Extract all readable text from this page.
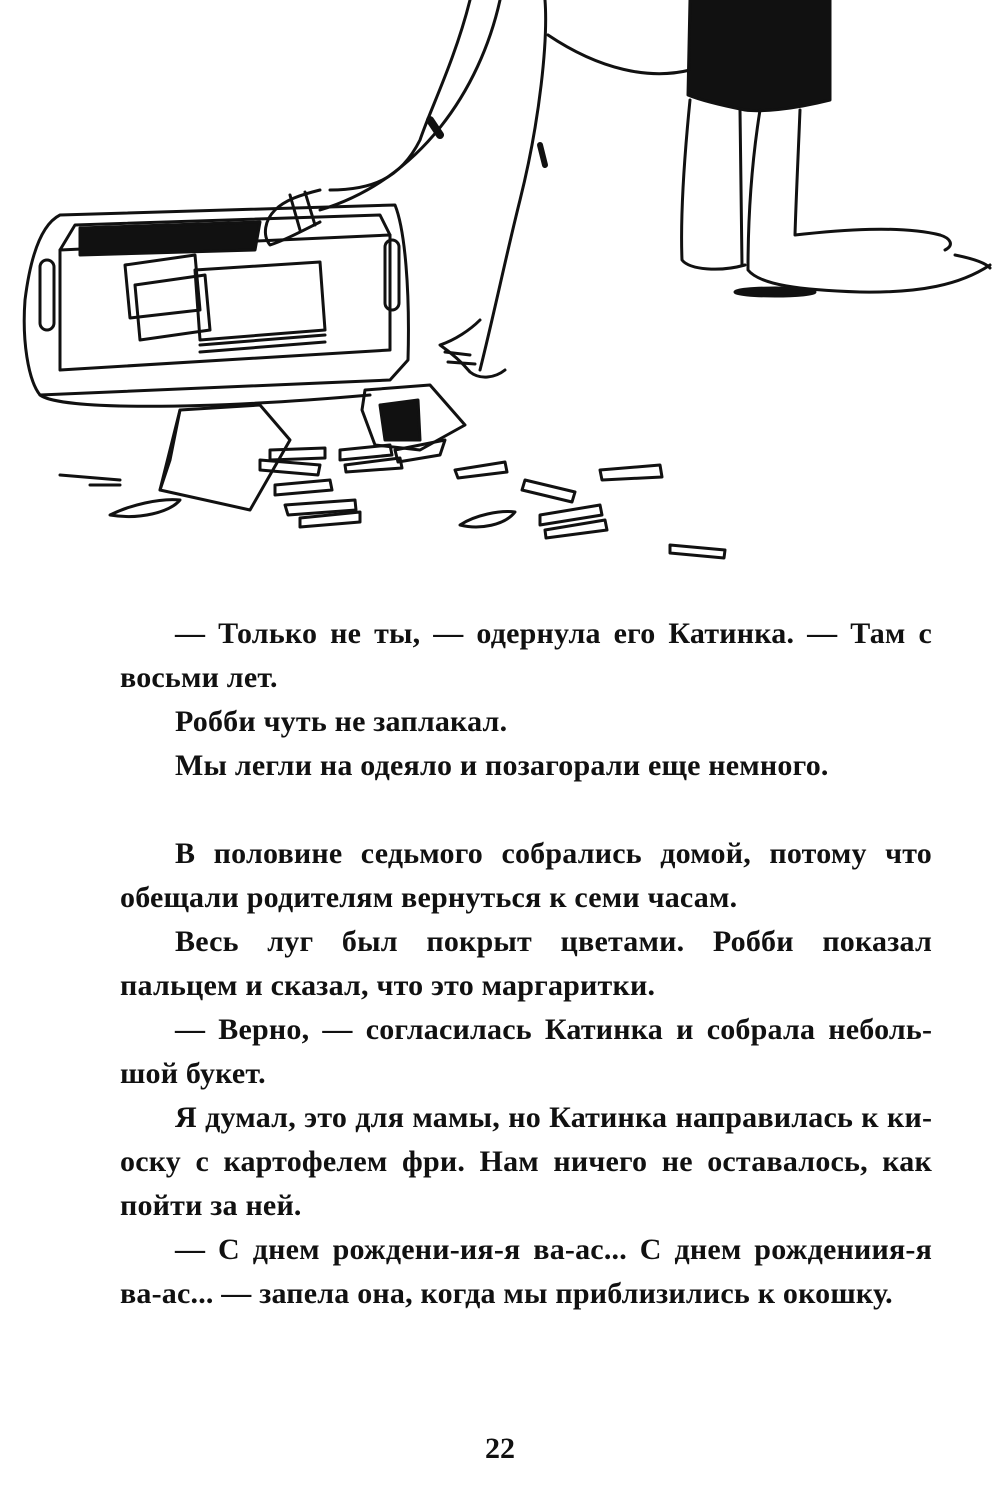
— Только не ты, — одернула его Катинка. — Там с восьми лет.

Робби чуть не заплакал.

Мы легли на одеяло и позагорали еще немного.

В половине седьмого собрались домой, потому что обещали родителям вернуться к семи часам.

Весь луг был покрыт цветами. Робби показал пальцем и сказал, что это маргаритки.

— Верно, — согласилась Катинка и собрала небольшой букет.

Я думал, это для мамы, но Катинка направилась к киоску с картофелем фри. Нам ничего не оставалось, как пойти за ней.

— С днем рождени-ия-я ва-ас... С днем рождениия-я ва-ас... — запела она, когда мы приблизились к окошку.

22
